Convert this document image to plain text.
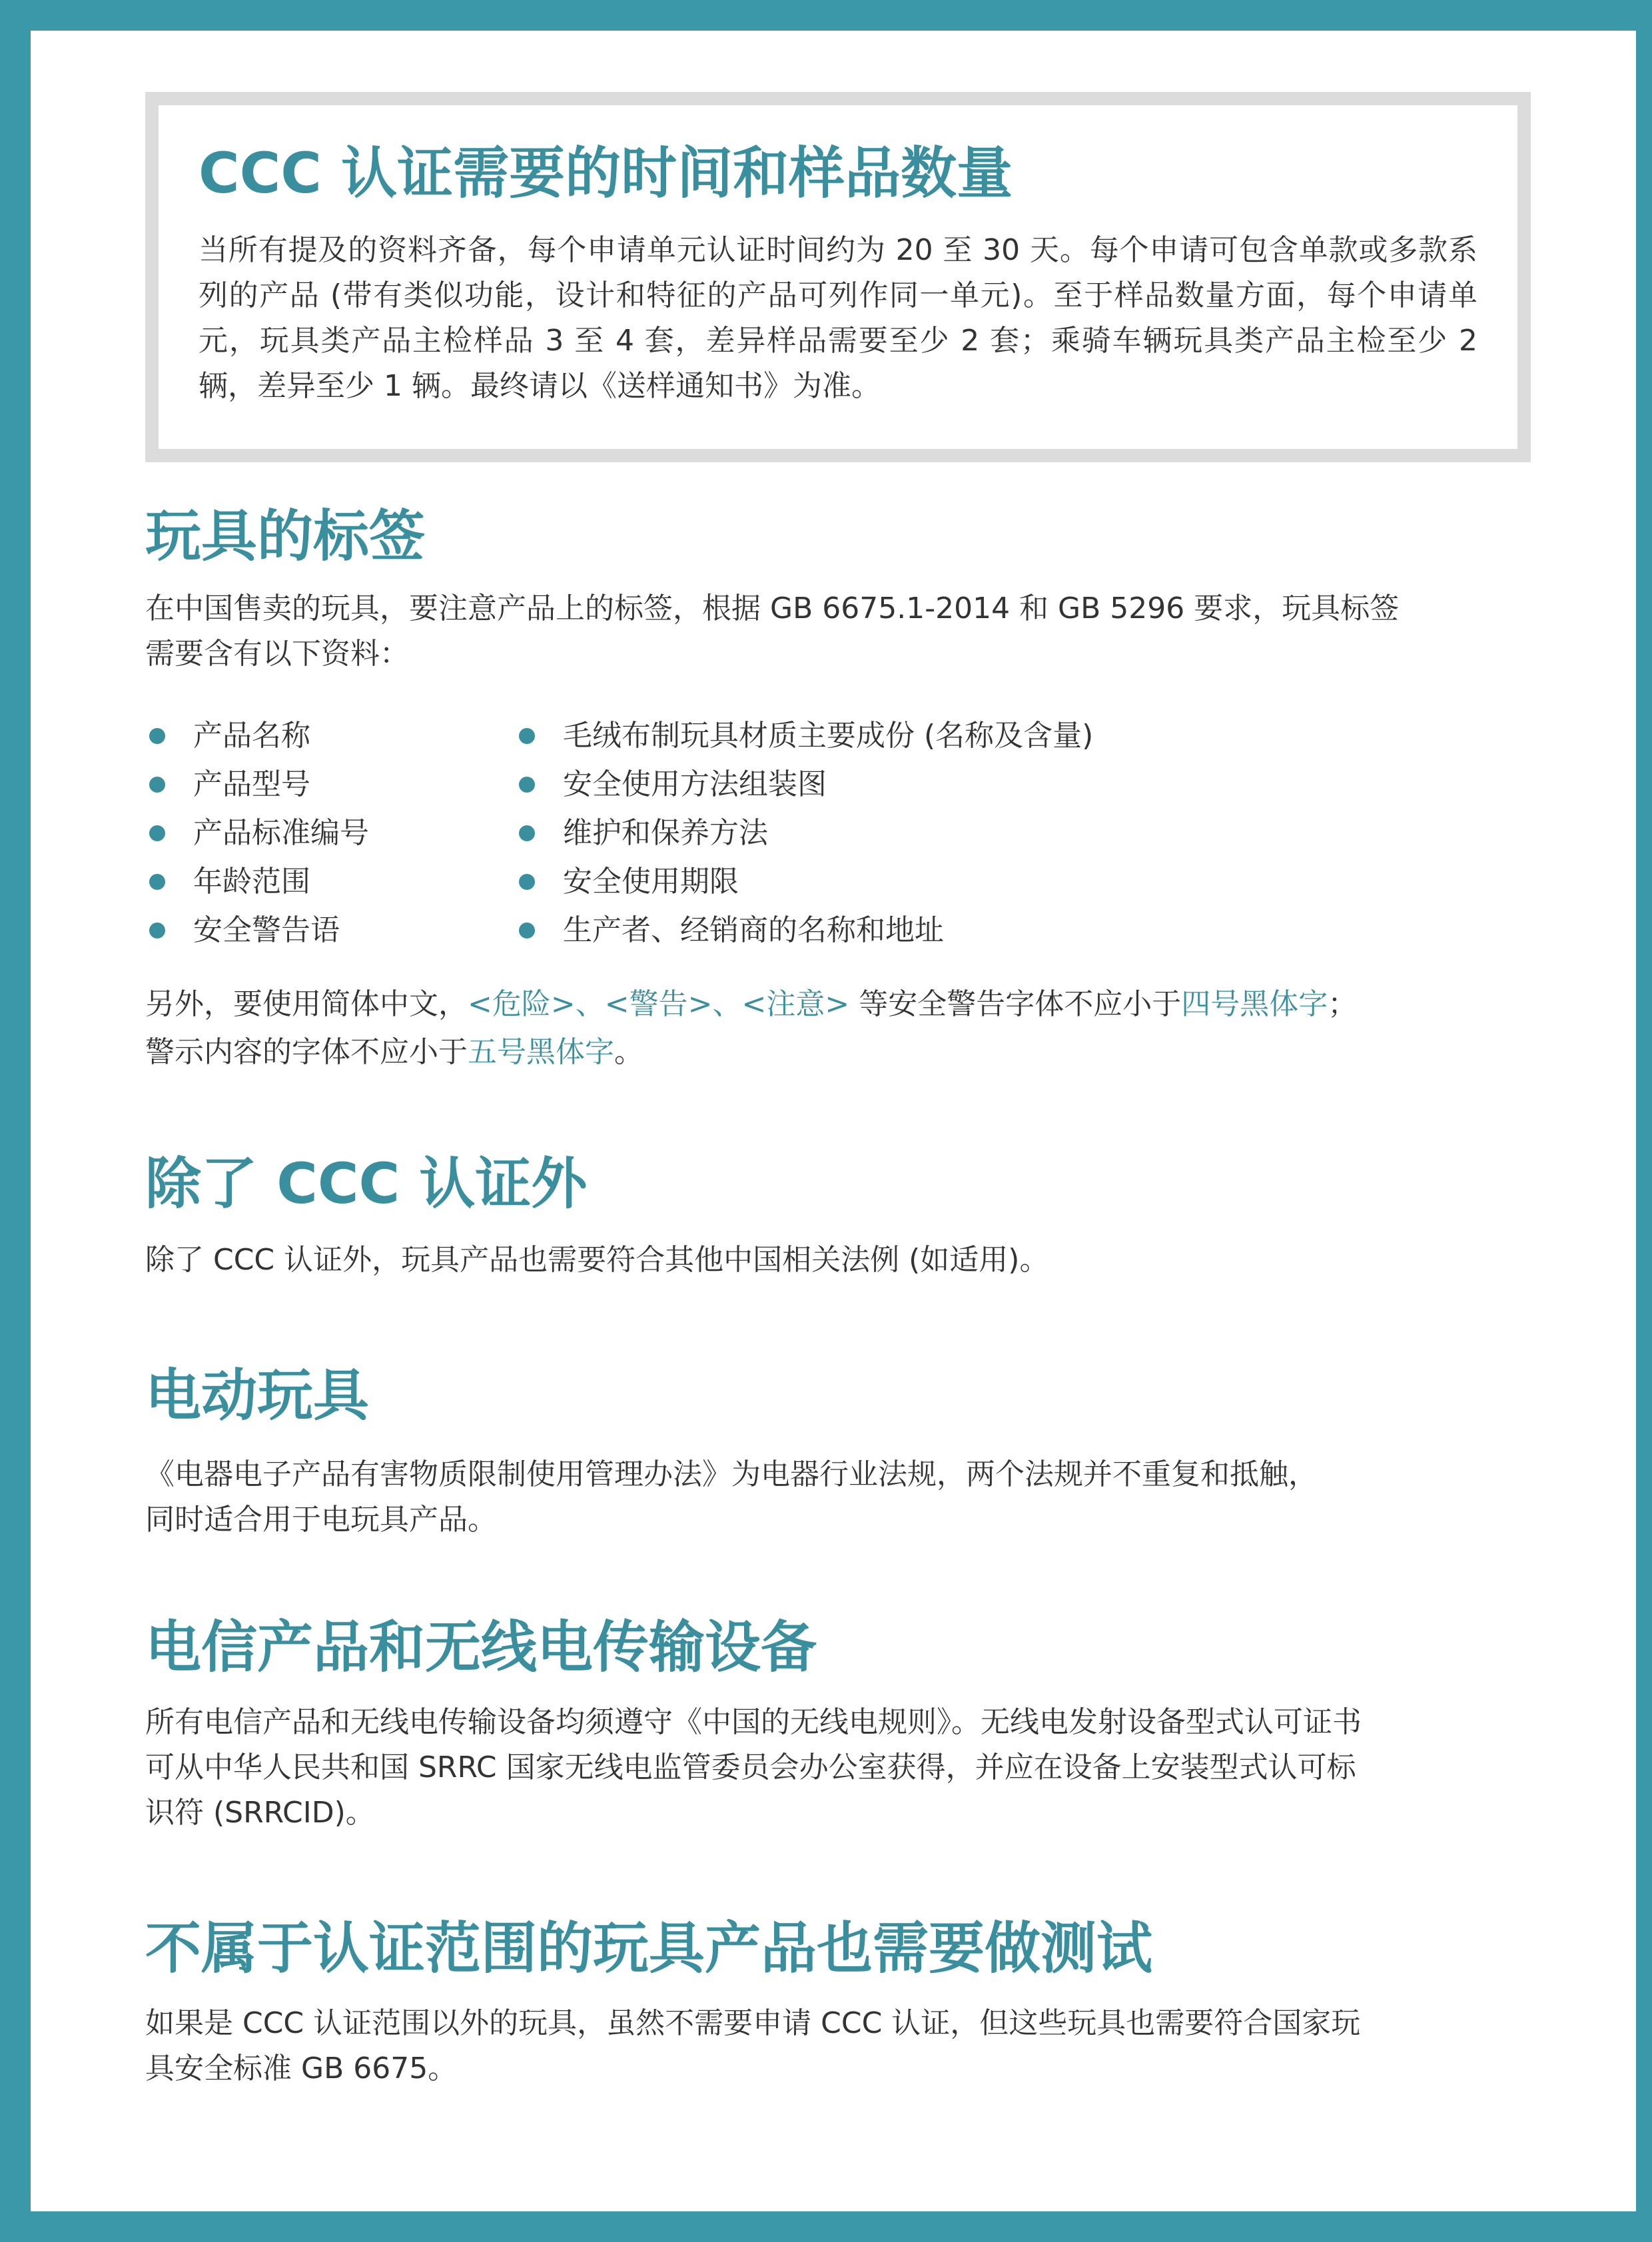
CCC 认证需要的时间和样品数量

当所有提及的资料齐备，每个申请单元认证时间约为 20 至 30 天。每个申请可包含单款或多款系列的产品 (带有类似功能，设计和特征的产品可列作同一单元)。至于样品数量方面，每个申请单元，玩具类产品主检样品 3 至 4 套，差异样品需要至少 2 套；乘骑车辆玩具类产品主检至少 2 辆，差异至少 1 辆。最终请以《送样通知书》为准。

玩具的标签

在中国售卖的玩具，要注意产品上的标签，根据 GB 6675.1-2014 和 GB 5296 要求，玩具标签

需要含有以下资料：

产品名称
产品型号
产品标准编号
年龄范围
安全警告语
毛绒布制玩具材质主要成份 (名称及含量)
安全使用方法组装图
维护和保养方法
安全使用期限
生产者、经销商的名称和地址

另外，要使用简体中文，<危险>、<警告>、<注意> 等安全警告字体不应小于四号黑体字；

警示内容的字体不应小于五号黑体字。

除了 CCC 认证外

除了 CCC 认证外，玩具产品也需要符合其他中国相关法例 (如适用)。

电动玩具

《电器电子产品有害物质限制使用管理办法》为电器行业法规，两个法规并不重复和抵触，

同时适合用于电玩具产品。

电信产品和无线电传输设备

所有电信产品和无线电传输设备均须遵守《中国的无线电规则》。无线电发射设备型式认可证书

可从中华人民共和国 SRRC 国家无线电监管委员会办公室获得，并应在设备上安装型式认可标

识符 (SRRCID)。

不属于认证范围的玩具产品也需要做测试

如果是 CCC 认证范围以外的玩具，虽然不需要申请 CCC 认证，但这些玩具也需要符合国家玩

具安全标准 GB 6675。
